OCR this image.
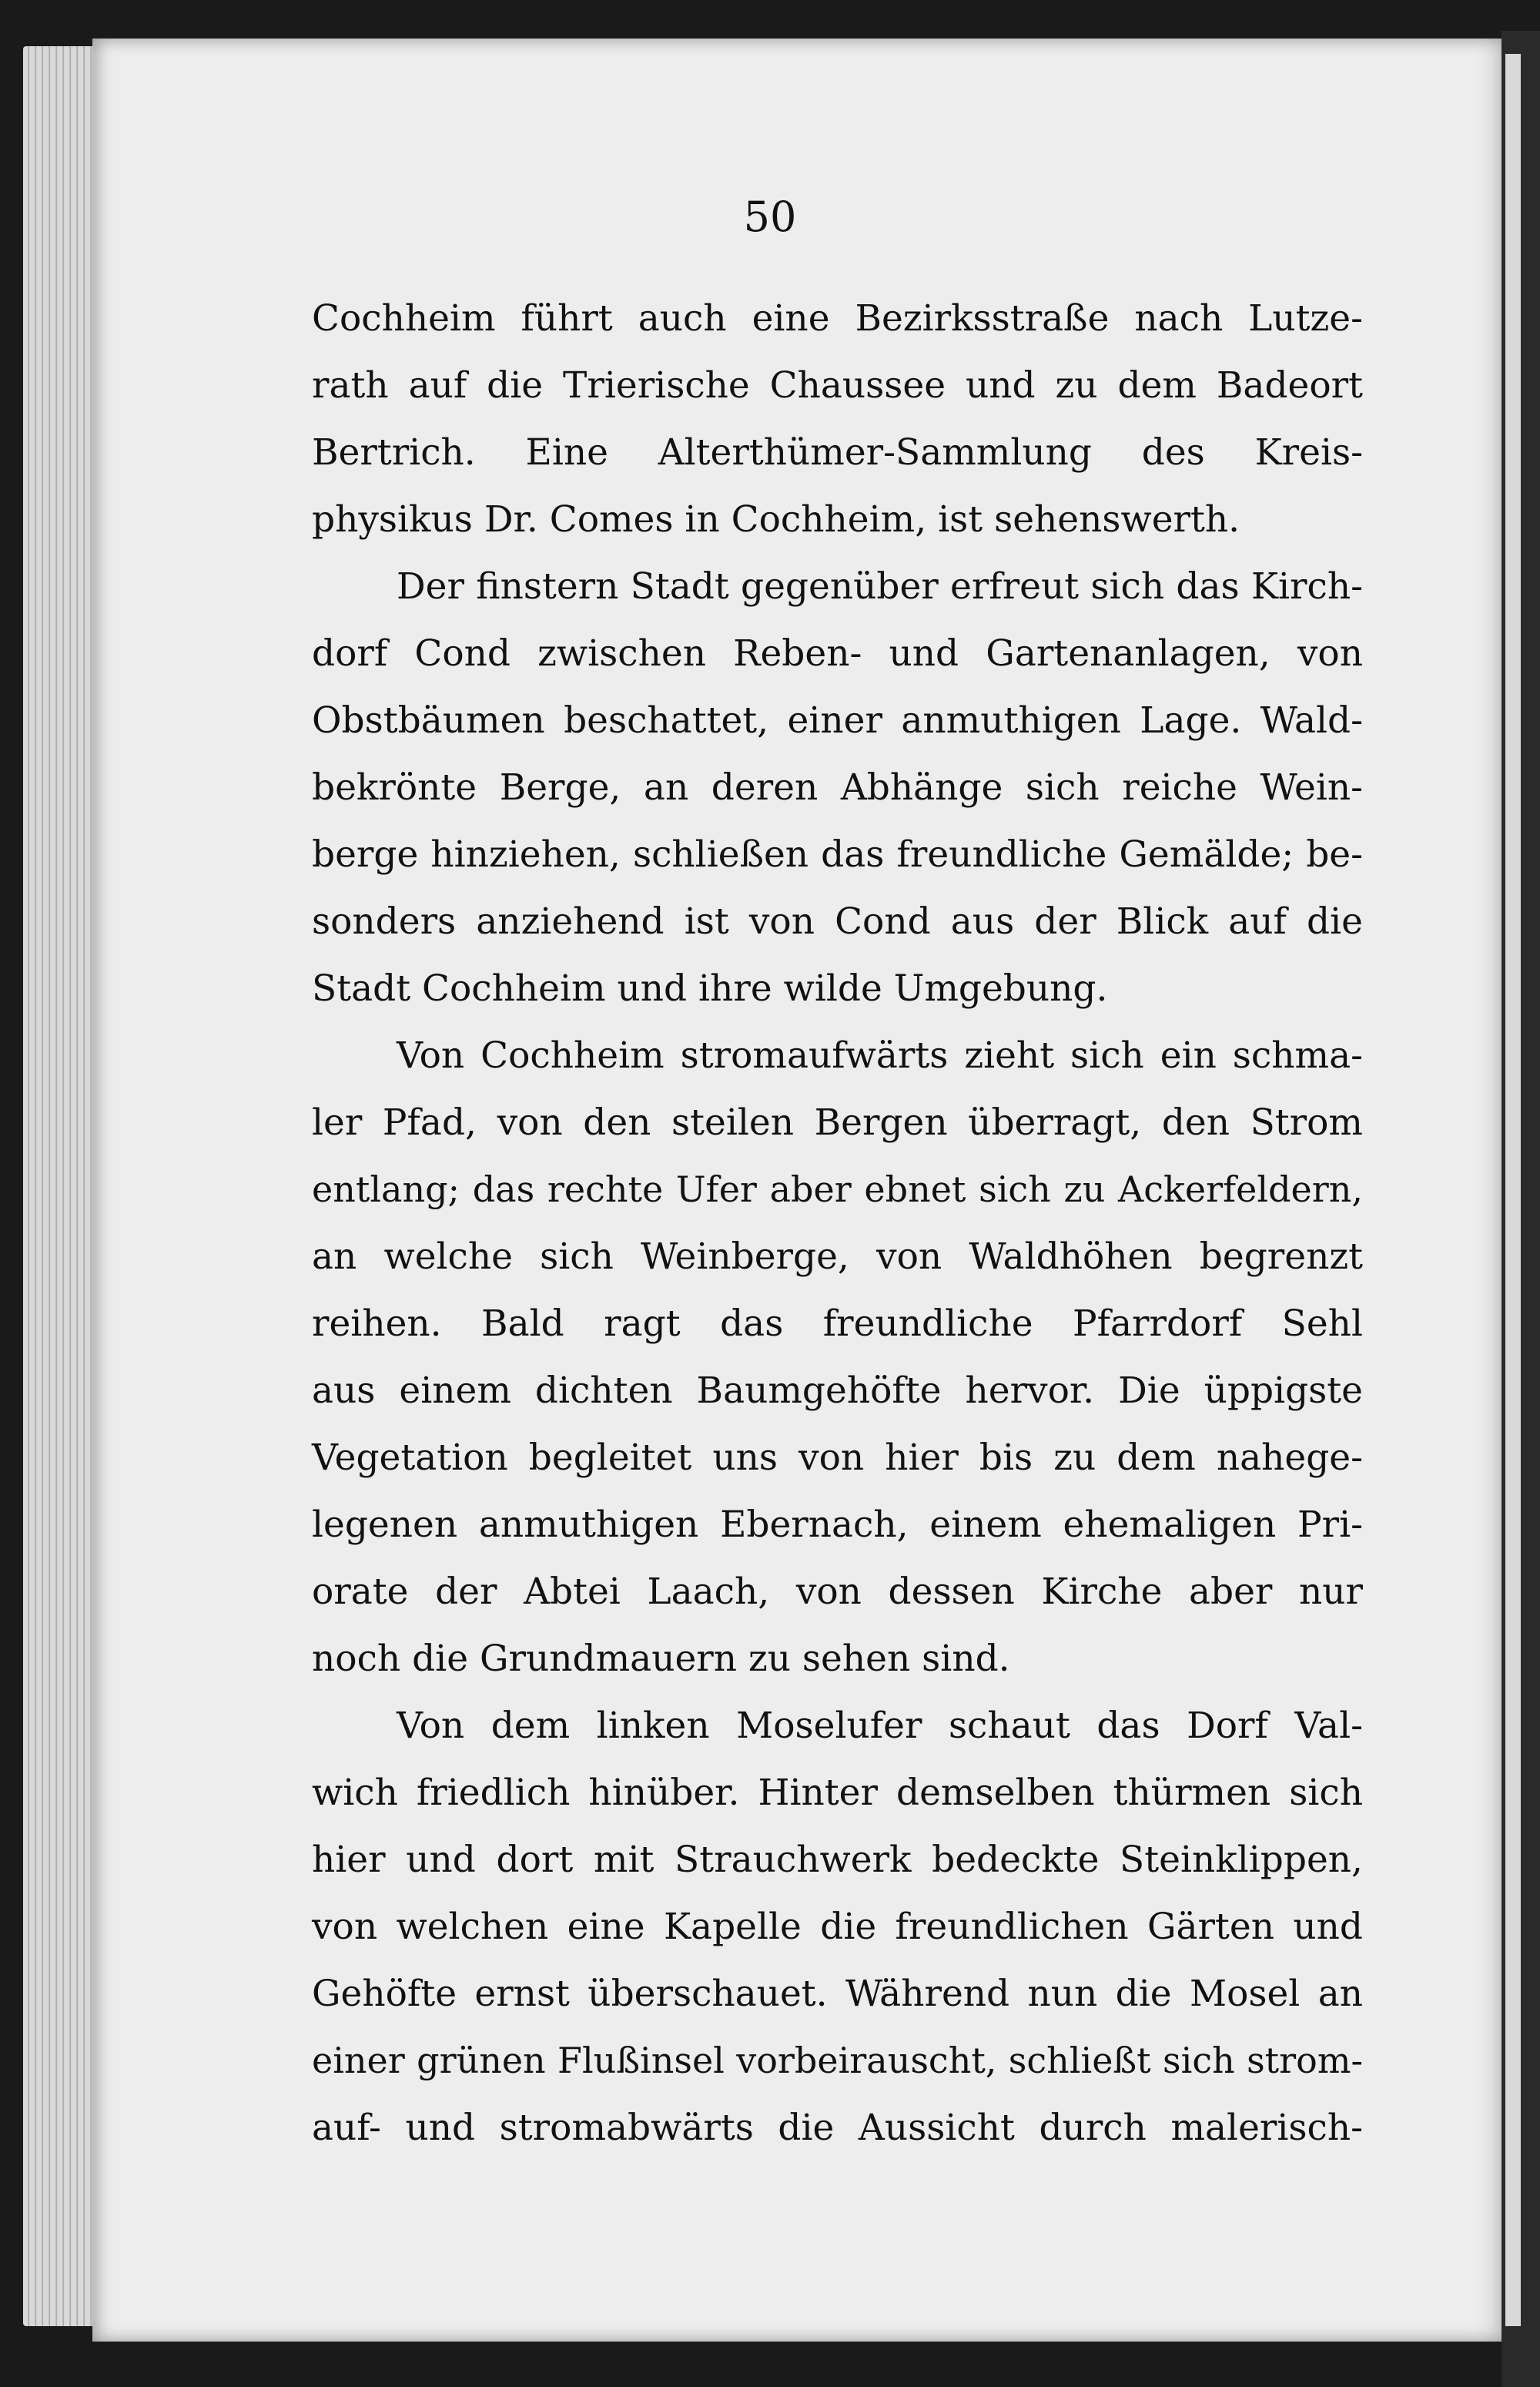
50
Cochheim führt auch eine Bezirksstraße nach Lutze-
rath auf die Trierische Chaussee und zu dem Badeort
Bertrich. Eine Alterthümer-Sammlung des Kreis-
physikus Dr. Comes in Cochheim, ist sehenswerth.
Der finstern Stadt gegenüber erfreut sich das Kirch-
dorf Cond zwischen Reben- und Gartenanlagen, von
Obstbäumen beschattet, einer anmuthigen Lage. Wald-
bekrönte Berge, an deren Abhänge sich reiche Wein-
berge hinziehen, schließen das freundliche Gemälde; be-
sonders anziehend ist von Cond aus der Blick auf die
Stadt Cochheim und ihre wilde Umgebung.
Von Cochheim stromaufwärts zieht sich ein schma-
ler Pfad, von den steilen Bergen überragt, den Strom
entlang; das rechte Ufer aber ebnet sich zu Ackerfeldern,
an welche sich Weinberge, von Waldhöhen begrenzt
reihen. Bald ragt das freundliche Pfarrdorf Sehl
aus einem dichten Baumgehöfte hervor. Die üppigste
Vegetation begleitet uns von hier bis zu dem nahege-
legenen anmuthigen Ebernach, einem ehemaligen Pri-
orate der Abtei Laach, von dessen Kirche aber nur
noch die Grundmauern zu sehen sind.
Von dem linken Moselufer schaut das Dorf Val-
wich friedlich hinüber. Hinter demselben thürmen sich
hier und dort mit Strauchwerk bedeckte Steinklippen,
von welchen eine Kapelle die freundlichen Gärten und
Gehöfte ernst überschauet. Während nun die Mosel an
einer grünen Flußinsel vorbeirauscht, schließt sich strom-
auf- und stromabwärts die Aussicht durch malerisch-
